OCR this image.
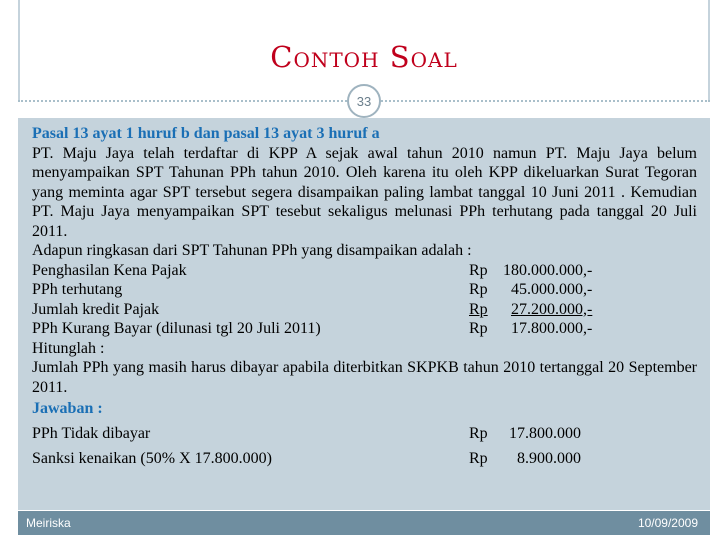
Contoh Soal
Pasal 13 ayat 1 huruf b dan pasal 13 ayat 3 huruf a
PT. Maju Jaya telah terdaftar di KPP A sejak awal tahun 2010 namun PT. Maju Jaya belum menyampaikan SPT Tahunan PPh tahun 2010. Oleh karena itu oleh KPP dikeluarkan Surat Tegoran yang meminta agar SPT tersebut segera disampaikan paling lambat tanggal 10 Juni 2011 . Kemudian PT. Maju Jaya menyampaikan SPT tesebut sekaligus melunasi PPh terhutang pada tanggal 20 Juli 2011.
Adapun ringkasan dari SPT Tahunan PPh yang disampaikan adalah :
Penghasilan Kena Pajak	Rp 180.000.000,-
PPh terhutang	Rp	45.000.000,-
Jumlah kredit Pajak	Rp	27.200.000,-
PPh Kurang Bayar (dilunasi tgl 20 Juli 2011)	Rp	17.800.000,-
Hitunglah :
Jumlah PPh yang masih harus dibayar apabila diterbitkan SKPKB tahun 2010 tertanggal 20 September 2011.
Jawaban :
PPh Tidak dibayar	Rp	17.800.000
Sanksi kenaikan (50% X 17.800.000)	Rp	8.900.000
33
Meiriska	10/09/2009
